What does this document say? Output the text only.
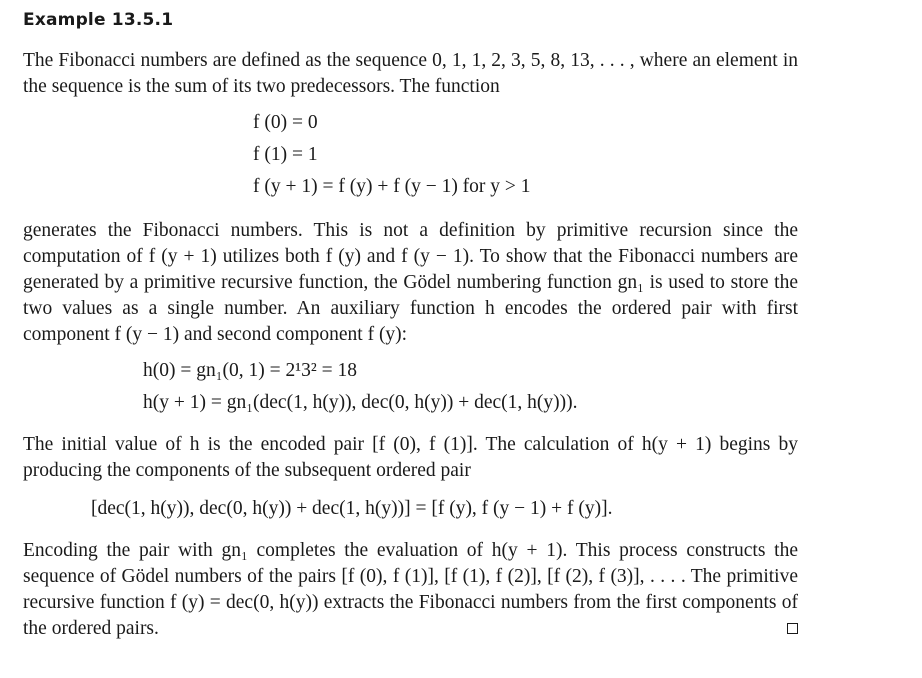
Example 13.5.1

The Fibonacci numbers are defined as the sequence 0, 1, 1, 2, 3, 5, 8, 13, . . . , where an element in the sequence is the sum of its two predecessors. The function

f (0) = 0
f (1) = 1
f (y + 1) = f (y) + f (y − 1) for y > 1

generates the Fibonacci numbers. This is not a definition by primitive recursion since the computation of f (y + 1) utilizes both f (y) and f (y − 1). To show that the Fibonacci numbers are generated by a primitive recursive function, the Gödel numbering function gn₁ is used to store the two values as a single number. An auxiliary function h encodes the ordered pair with first component f (y − 1) and second component f (y):

h(0) = gn₁(0, 1) = 2¹3² = 18
h(y + 1) = gn₁(dec(1, h(y)), dec(0, h(y)) + dec(1, h(y))).

The initial value of h is the encoded pair [f (0), f (1)]. The calculation of h(y + 1) begins by producing the components of the subsequent ordered pair

[dec(1, h(y)), dec(0, h(y)) + dec(1, h(y))] = [f (y), f (y − 1) + f (y)].

Encoding the pair with gn₁ completes the evaluation of h(y + 1). This process constructs the sequence of Gödel numbers of the pairs [f (0), f (1)], [f (1), f (2)], [f (2), f (3)], . . . . The primitive recursive function f (y) = dec(0, h(y)) extracts the Fibonacci numbers from the first components of the ordered pairs.
